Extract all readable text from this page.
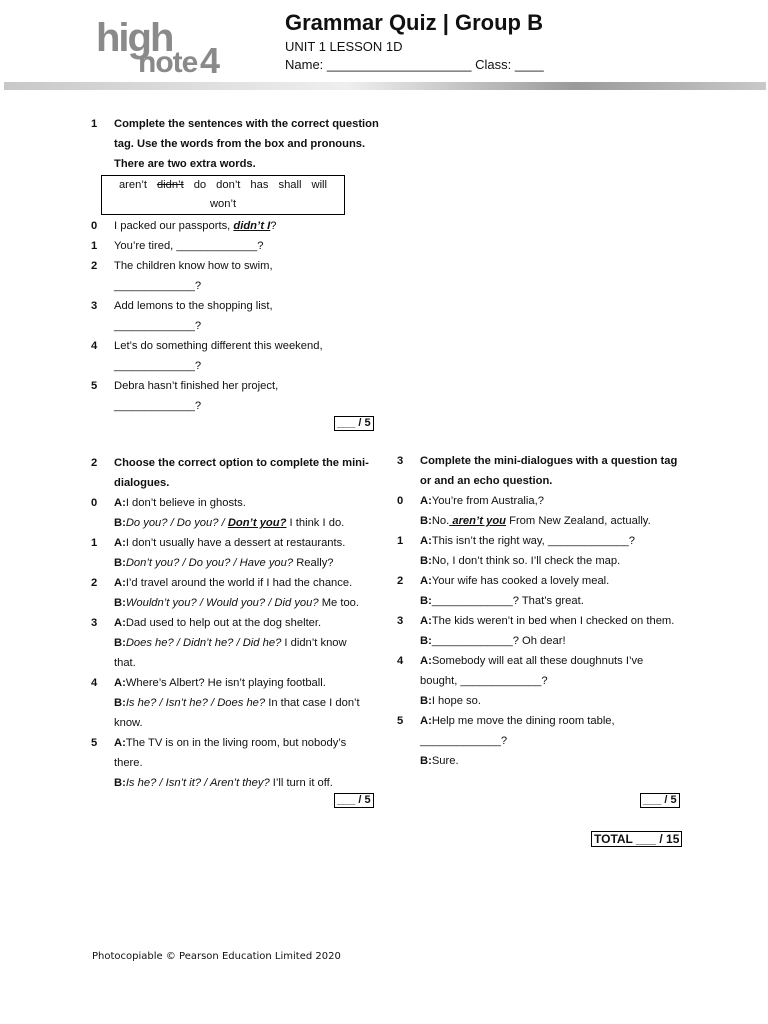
high
note 4
Grammar Quiz | Group B
UNIT 1 LESSON 1D
Name: ____________________ Class: ____
1	Complete the sentences with the correct question tag. Use the words from the box and pronouns. There are two extra words.
aren’t didn’t do don’t has shall will
won’t
0	I packed our passports, didn’t I?
1	You’re tired, _____________?
2	The children know how to swim, _____________?
3	Add lemons to the shopping list, _____________?
4	Let’s do something different this weekend, _____________?
5	Debra hasn’t finished her project, _____________?
___ / 5
2	Choose the correct option to complete the mini-dialogues.
0	A:I don’t believe in ghosts.
B:Do you? / Do you? / Don’t you? I think I do.
1	A:I don’t usually have a dessert at restaurants.
B:Don’t you? / Do you? / Have you? Really?
2	A:I’d travel around the world if I had the chance.
B:Wouldn’t you? / Would you? / Did you? Me too.
3	A:Dad used to help out at the dog shelter.
B:Does he? / Didn’t he? / Did he? I didn’t know that.
4	A:Where’s Albert? He isn’t playing football.
B:Is he? / Isn’t he? / Does he? In that case I don’t know.
5	A:The TV is on in the living room, but nobody’s there.
B:Is he? / Isn’t it? / Aren’t they? I’ll turn it off.
___ / 5
3	Complete the mini-dialogues with a question tag or and an echo question.
0	A:You’re from Australia,?
B:No. aren’t you From New Zealand, actually.
1	A:This isn’t the right way, _____________?
B:No, I don’t think so. I’ll check the map.
2	A:Your wife has cooked a lovely meal.
B:_____________? That’s great.
3	A:The kids weren’t in bed when I checked on them.
B:_____________? Oh dear!
4	A:Somebody will eat all these doughnuts I’ve bought, _____________?
B:I hope so.
5	A:Help me move the dining room table, _____________?
B:Sure.
___ / 5
TOTAL ___ / 15
Photocopiable © Pearson Education Limited 2020
